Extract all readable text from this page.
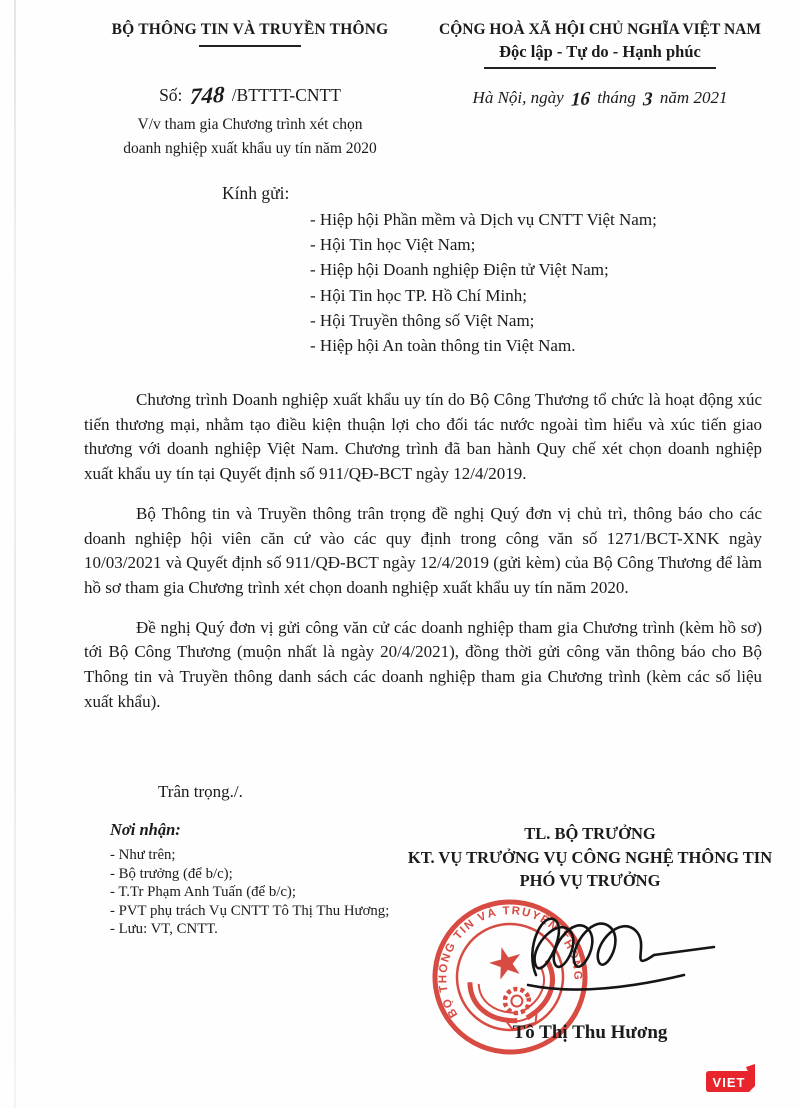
BỘ THÔNG TIN VÀ TRUYỀN THÔNG	CỘNG HOÀ XÃ HỘI CHỦ NGHĨA VIỆT NAM
Độc lập - Tự do - Hạnh phúc
Số: 748 /BTTTT-CNTT	Hà Nội, ngày 16 tháng 3 năm 2021
V/v tham gia Chương trình xét chọn
doanh nghiệp xuất khẩu uy tín năm 2020
Kính gửi:
- Hiệp hội Phần mềm và Dịch vụ CNTT Việt Nam;
- Hội Tin học Việt Nam;
- Hiệp hội Doanh nghiệp Điện tử Việt Nam;
- Hội Tin học TP. Hồ Chí Minh;
- Hội Truyền thông số Việt Nam;
- Hiệp hội An toàn thông tin Việt Nam.

Chương trình Doanh nghiệp xuất khẩu uy tín do Bộ Công Thương tổ chức là hoạt động xúc tiến thương mại, nhằm tạo điều kiện thuận lợi cho đối tác nước ngoài tìm hiểu và xúc tiến giao thương với doanh nghiệp Việt Nam. Chương trình đã ban hành Quy chế xét chọn doanh nghiệp xuất khẩu uy tín tại Quyết định số 911/QĐ-BCT ngày 12/4/2019.

Bộ Thông tin và Truyền thông trân trọng đề nghị Quý đơn vị chủ trì, thông báo cho các doanh nghiệp hội viên căn cứ vào các quy định trong công văn số 1271/BCT-XNK ngày 10/03/2021 và Quyết định số 911/QĐ-BCT ngày 12/4/2019 (gửi kèm) của Bộ Công Thương để làm hồ sơ tham gia Chương trình xét chọn doanh nghiệp xuất khẩu uy tín năm 2020.

Đề nghị Quý đơn vị gửi công văn cử các doanh nghiệp tham gia Chương trình (kèm hồ sơ) tới Bộ Công Thương (muộn nhất là ngày 20/4/2021), đồng thời gửi công văn thông báo cho Bộ Thông tin và Truyền thông danh sách các doanh nghiệp tham gia Chương trình (kèm các số liệu xuất khẩu).

Trân trọng./.
Nơi nhận:
- Như trên;
- Bộ trưởng (để b/c);
- T.Tr Phạm Anh Tuấn (để b/c);
- PVT phụ trách Vụ CNTT Tô Thị Thu Hương;
- Lưu: VT, CNTT.
TL. BỘ TRƯỞNG
KT. VỤ TRƯỞNG VỤ CÔNG NGHỆ THÔNG TIN
PHÓ VỤ TRƯỞNG
BỘ THÔNG TIN VÀ TRUYỀN THÔNG
Tô Thị Thu Hương
VIET
